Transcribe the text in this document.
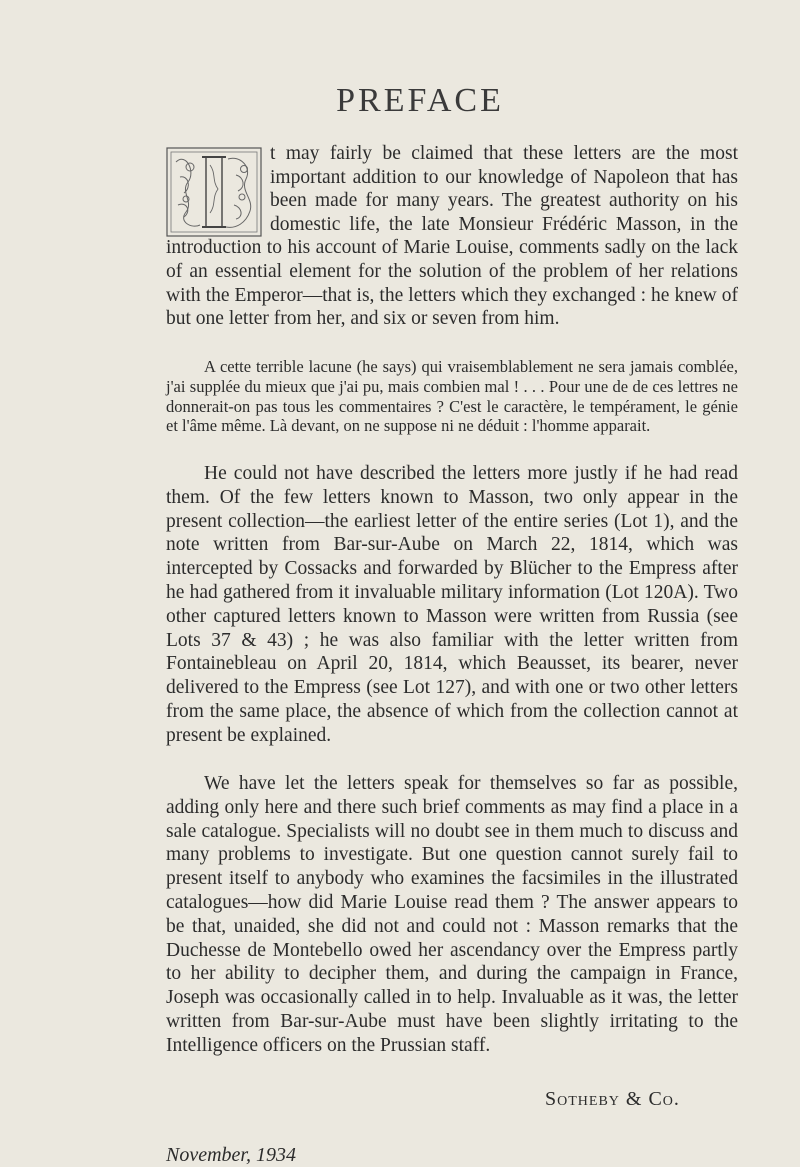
PREFACE

t may fairly be claimed that these letters are the most important addition to our knowledge of Napoleon that has been made for many years. The greatest authority on his domestic life, the late Monsieur Frédéric Masson, in the introduction to his account of Marie Louise, comments sadly on the lack of an essential element for the solution of the problem of her relations with the Emperor—that is, the letters which they exchanged : he knew of but one letter from her, and six or seven from him.

A cette terrible lacune (he says) qui vraisemblablement ne sera jamais comblée, j'ai supplée du mieux que j'ai pu, mais combien mal ! . . . Pour une de de ces lettres ne donnerait-on pas tous les commentaires ? C'est le caractère, le tempérament, le génie et l'âme même. Là devant, on ne suppose ni ne déduit : l'homme apparait.

He could not have described the letters more justly if he had read them. Of the few letters known to Masson, two only appear in the present collection—the earliest letter of the entire series (Lot 1), and the note written from Bar-sur-Aube on March 22, 1814, which was intercepted by Cossacks and forwarded by Blücher to the Empress after he had gathered from it invaluable military information (Lot 120A). Two other captured letters known to Masson were written from Russia (see Lots 37 & 43) ; he was also familiar with the letter written from Fontainebleau on April 20, 1814, which Beausset, its bearer, never delivered to the Empress (see Lot 127), and with one or two other letters from the same place, the absence of which from the collection cannot at present be explained.

We have let the letters speak for themselves so far as possible, adding only here and there such brief comments as may find a place in a sale catalogue. Specialists will no doubt see in them much to discuss and many problems to investigate. But one question cannot surely fail to present itself to anybody who examines the facsimiles in the illustrated catalogues—how did Marie Louise read them ? The answer appears to be that, unaided, she did not and could not : Masson remarks that the Duchesse de Montebello owed her ascendancy over the Empress partly to her ability to decipher them, and during the campaign in France, Joseph was occasionally called in to help. Invaluable as it was, the letter written from Bar-sur-Aube must have been slightly irritating to the Intelligence officers on the Prussian staff.

Sotheby & Co.
November, 1934
